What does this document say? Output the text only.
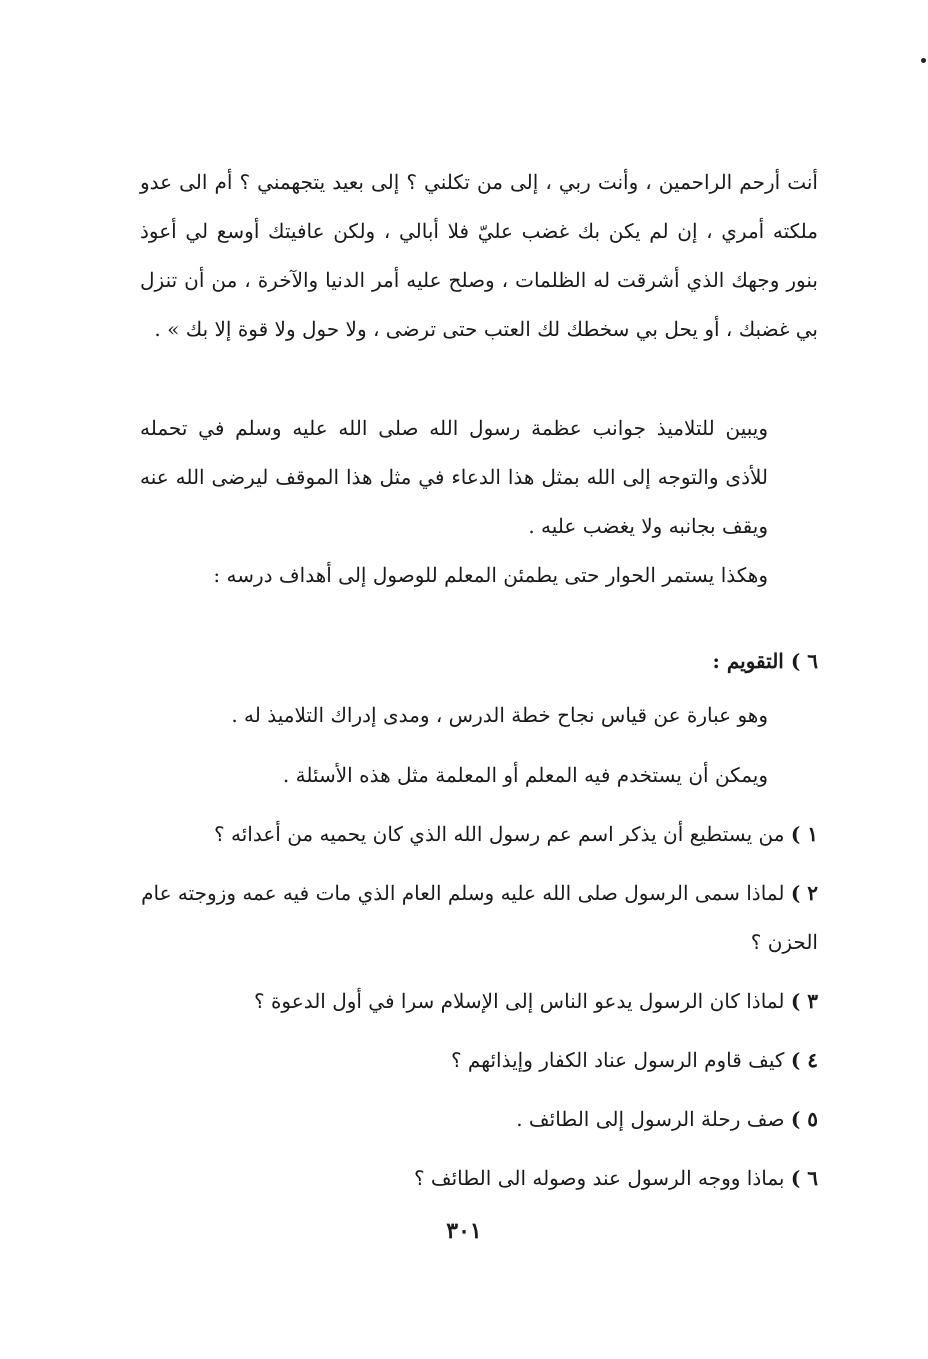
أنت أرحم الراحمين ، وأنت ربي ، إلى من تكلني ؟ إلى بعيد يتجهمني ؟ أم الى عدو ملكته أمري ، إن لم يكن بك غضب عليّ فلا أبالي ، ولكن عافيتك أوسع لي أعوذ بنور وجهك الذي أشرقت له الظلمات ، وصلح عليه أمر الدنيا والآخرة ، من أن تنزل بي غضبك ، أو يحل بي سخطك لك العتب حتى ترضى ، ولا حول ولا قوة إلا بك » .

ويبين للتلاميذ جوانب عظمة رسول الله صلى الله عليه وسلم في تحمله للأذى والتوجه إلى الله بمثل هذا الدعاء في مثل هذا الموقف ليرضى الله عنه ويقف بجانبه ولا يغضب عليه .

وهكذا يستمر الحوار حتى يطمئن المعلم للوصول إلى أهداف درسه :

٦ ) التقويم :

وهو عبارة عن قياس نجاح خطة الدرس ، ومدى إدراك التلاميذ له .

ويمكن أن يستخدم فيه المعلم أو المعلمة مثل هذه الأسئلة .

١ ) من يستطيع أن يذكر اسم عم رسول الله الذي كان يحميه من أعدائه ؟

٢ ) لماذا سمى الرسول صلى الله عليه وسلم العام الذي مات فيه عمه وزوجته عام الحزن ؟

٣ ) لماذا كان الرسول يدعو الناس إلى الإسلام سرا في أول الدعوة ؟

٤ ) كيف قاوم الرسول عناد الكفار وإيذائهم ؟

٥ ) صف رحلة الرسول إلى الطائف .

٦ ) بماذا ووجه الرسول عند وصوله الى الطائف ؟

٣٠١
